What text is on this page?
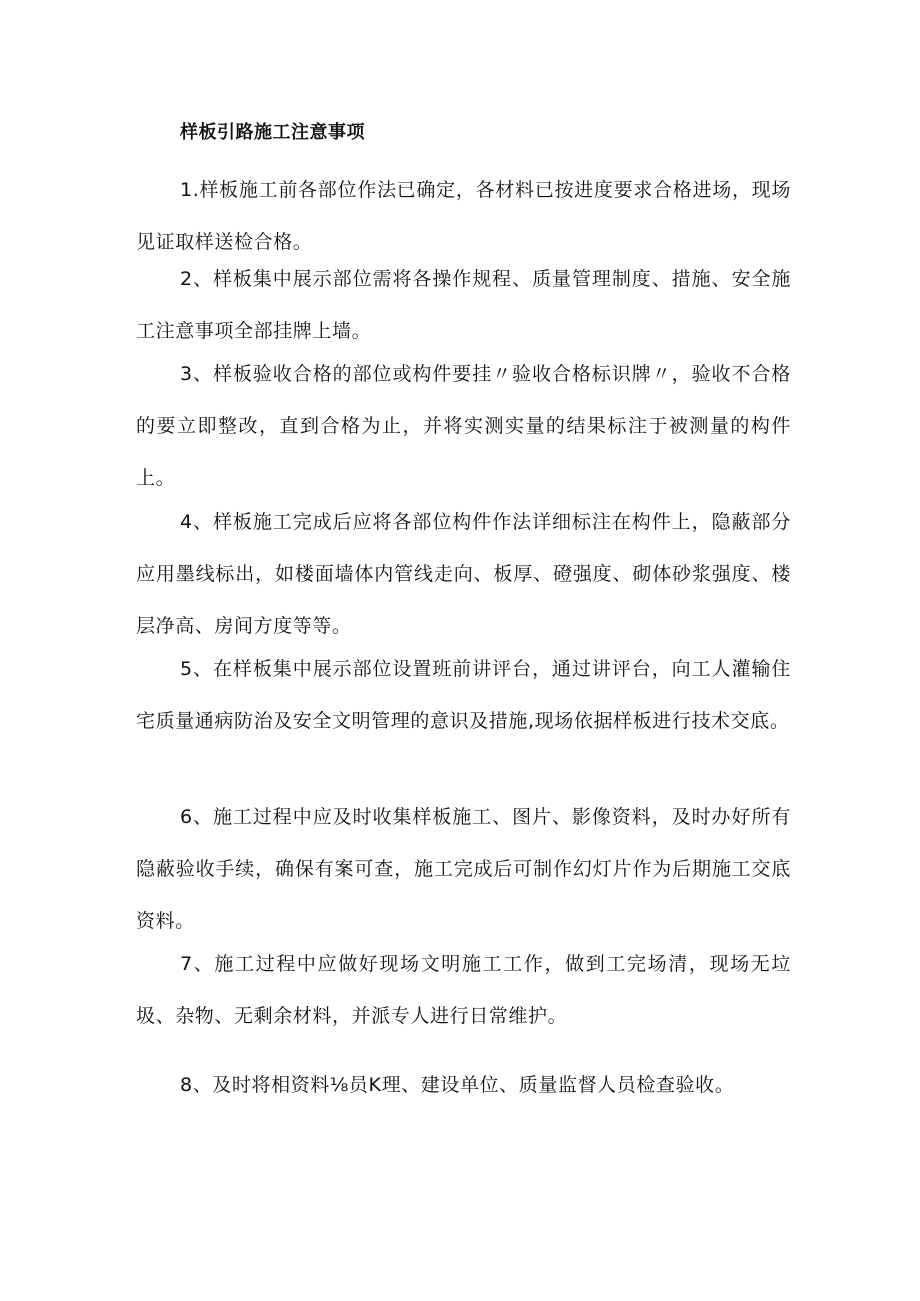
样板引路施工注意事项

1.样板施工前各部位作法已确定，各材料已按进度要求合格进场，现场见证取样送检合格。

2、样板集中展示部位需将各操作规程、质量管理制度、措施、安全施工注意事项全部挂牌上墙。

3、样板验收合格的部位或构件要挂〃验收合格标识牌〃，验收不合格的要立即整改，直到合格为止，并将实测实量的结果标注于被测量的构件上。

4、样板施工完成后应将各部位构件作法详细标注在构件上，隐蔽部分应用墨线标出，如楼面墙体内管线走向、板厚、磴强度、砌体砂浆强度、楼层净高、房间方度等等。

5、在样板集中展示部位设置班前讲评台，通过讲评台，向工人灌输住宅质量通病防治及安全文明管理的意识及措施,现场依据样板进行技术交底。

6、施工过程中应及时收集样板施工、图片、影像资料，及时办好所有隐蔽验收手续，确保有案可查，施工完成后可制作幻灯片作为后期施工交底资料。

7、施工过程中应做好现场文明施工工作，做到工完场清，现场无垃圾、杂物、无剩余材料，并派专人进行日常维护。

8、及时将相资料⅛员K理、建设单位、质量监督人员检查验收。
